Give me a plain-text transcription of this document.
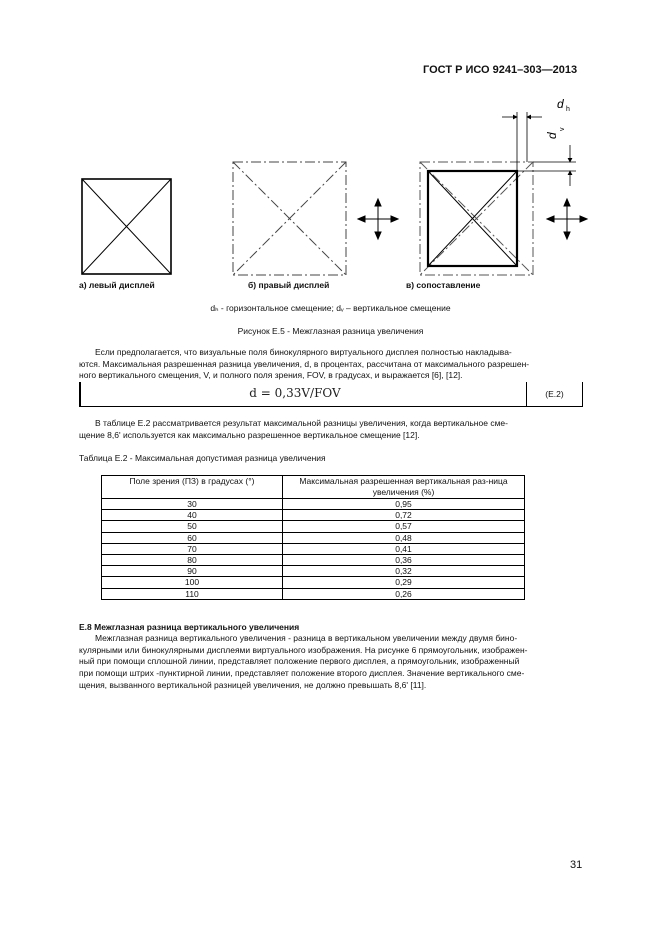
ГОСТ Р ИСО 9241–303—2013
d h
d
v
а) левый дисплей	б) правый дисплей	в) сопоставление
dₕ - горизонтальное смещение; dᵥ – вертикальное смещение
Рисунок Е.5 - Межглазная разница увеличения

Если предполагается, что визуальные поля бинокулярного виртуального дисплея полностью накладыва-

ются. Максимальная разрешенная разница увеличения, d, в процентах, рассчитана от максимального разрешен-

ного вертикального смещения, V, и полного поля зрения, FOV, в градусах, и выражается [6], [12].

d = 0,33V/FOV	(Е.2)

В таблице Е.2 рассматривается результат максимальной разницы увеличения, когда вертикальное сме-

щение 8,6' используется как максимально разрешенное вертикальное смещение [12].

Таблица Е.2 - Максимальная допустимая разница увеличения
Поле зрения (ПЗ) в градусах (°)	Максимальная разрешенная вертикальная раз-ница увеличения (%)
30	0,95
40	0,72
50	0,57
60	0,48
70	0,41
80	0,36
90	0,32
100	0,29
110	0,26
Е.8 Межглазная разница вертикального увеличения

Межглазная разница вертикального увеличения - разница в вертикальном увеличении между двумя бино-

кулярными или бинокулярными дисплеями виртуального изображения. На рисунке 6 прямоугольник, изображен-

ный при помощи сплошной линии, представляет положение первого дисплея, а прямоугольник, изображенный

при помощи штрих -пунктирной линии, представляет положение второго дисплея. Значение вертикального сме-

щения, вызванного вертикальной разницей увеличения, не должно превышать 8,6' [11].

31
